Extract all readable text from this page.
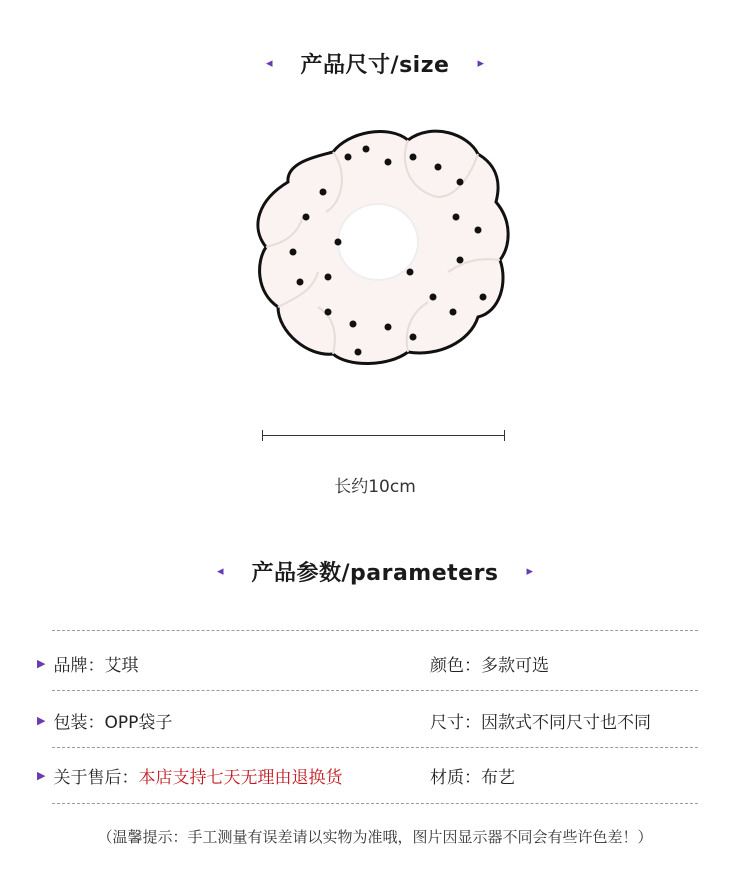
◂ 产品尺寸/size ▸
长约10cm
◂ 产品参数/parameters ▸
▶ 品牌： 艾琪	颜色： 多款可选
▶ 包装： OPP袋子	尺寸： 因款式不同尺寸也不同
▶ 关于售后： 本店支持七天无理由退换货	材质： 布艺
（温馨提示：手工测量有误差请以实物为准哦，图片因显示器不同会有些许色差！）
